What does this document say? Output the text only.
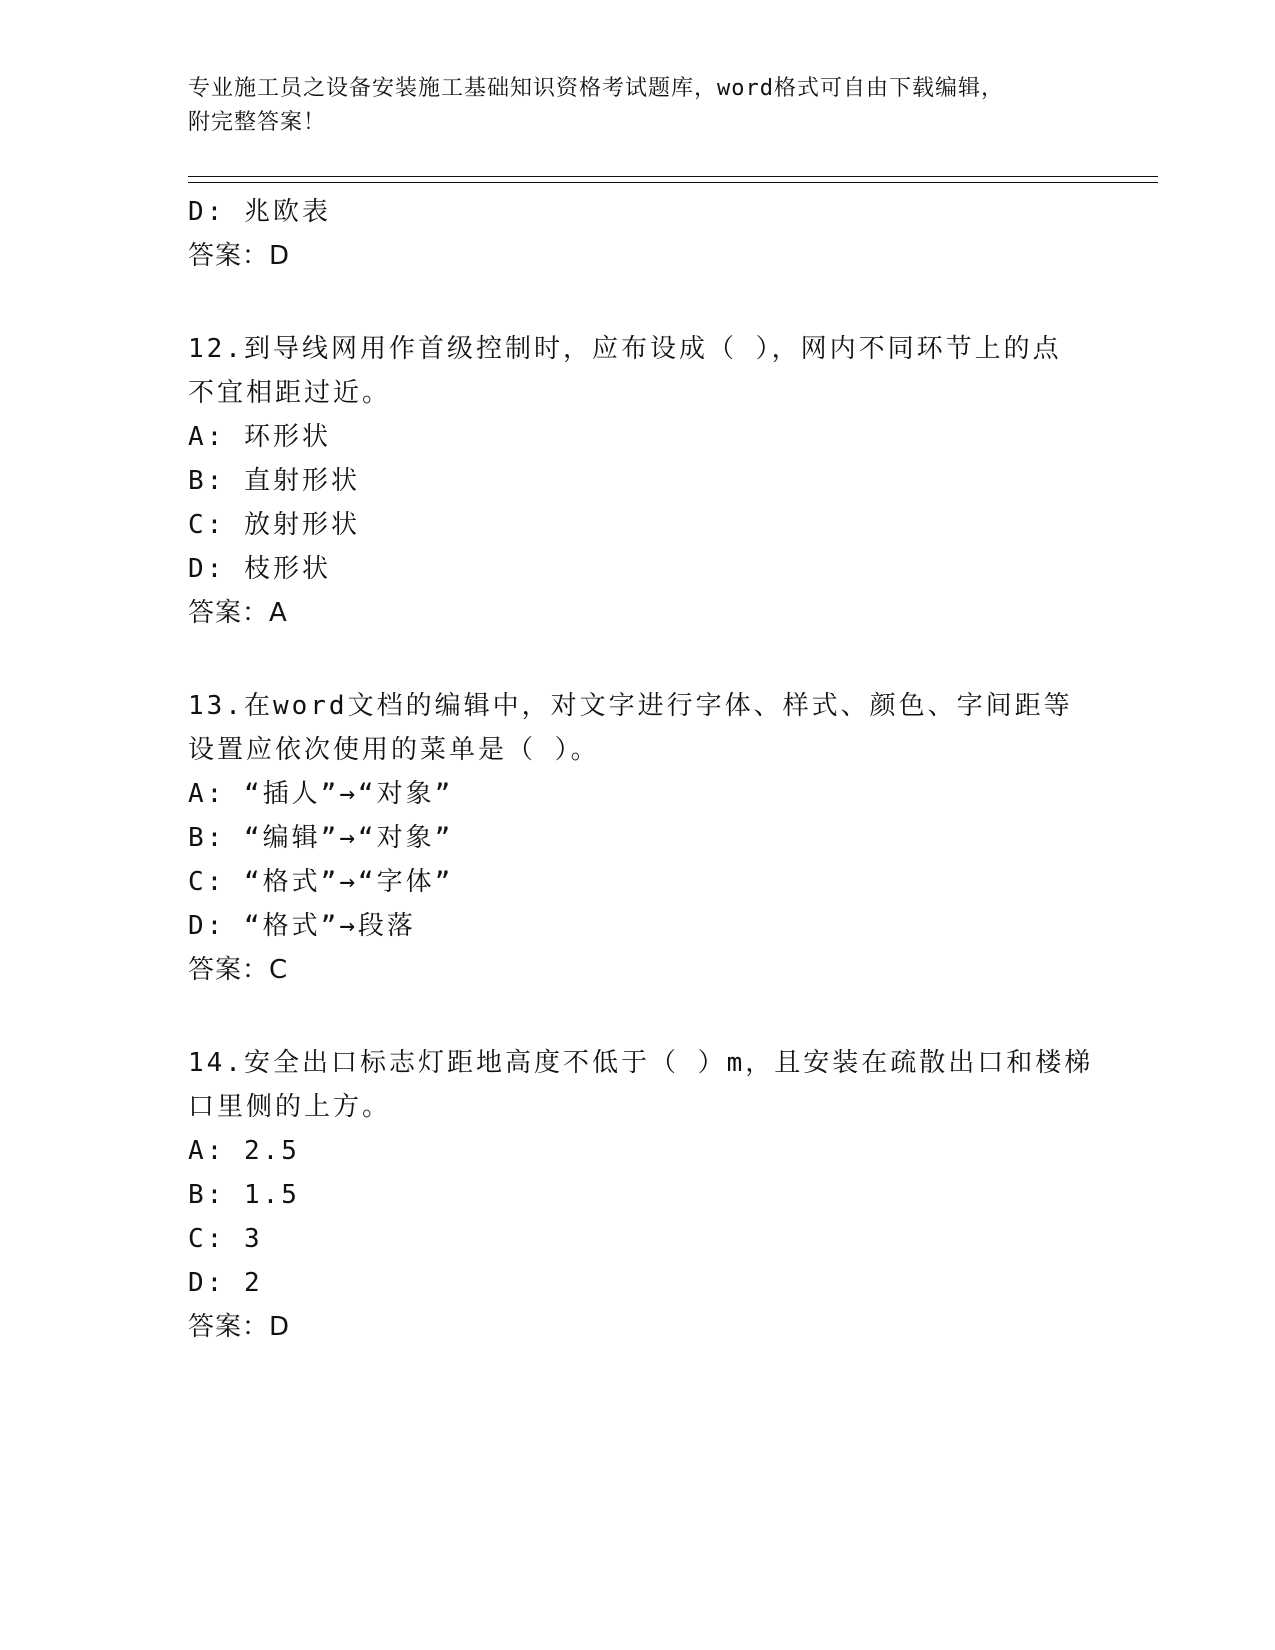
专业施工员之设备安装施工基础知识资格考试题库，word格式可自由下载编辑，
附完整答案！
D: 兆欧表
答案：D
12.到导线网用作首级控制时，应布设成（ ），网内不同环节上的点
不宜相距过近。
A: 环形状
B: 直射形状
C: 放射形状
D: 枝形状
答案：A
13.在word文档的编辑中，对文字进行字体、样式、颜色、字间距等
设置应依次使用的菜单是（ ）。
A: “插人”→“对象”
B: “编辑”→“对象”
C: “格式”→“字体”
D: “格式”→段落
答案：C
14.安全出口标志灯距地高度不低于（ ）m，且安装在疏散出口和楼梯
口里侧的上方。
A: 2.5
B: 1.5
C: 3
D: 2
答案：D
